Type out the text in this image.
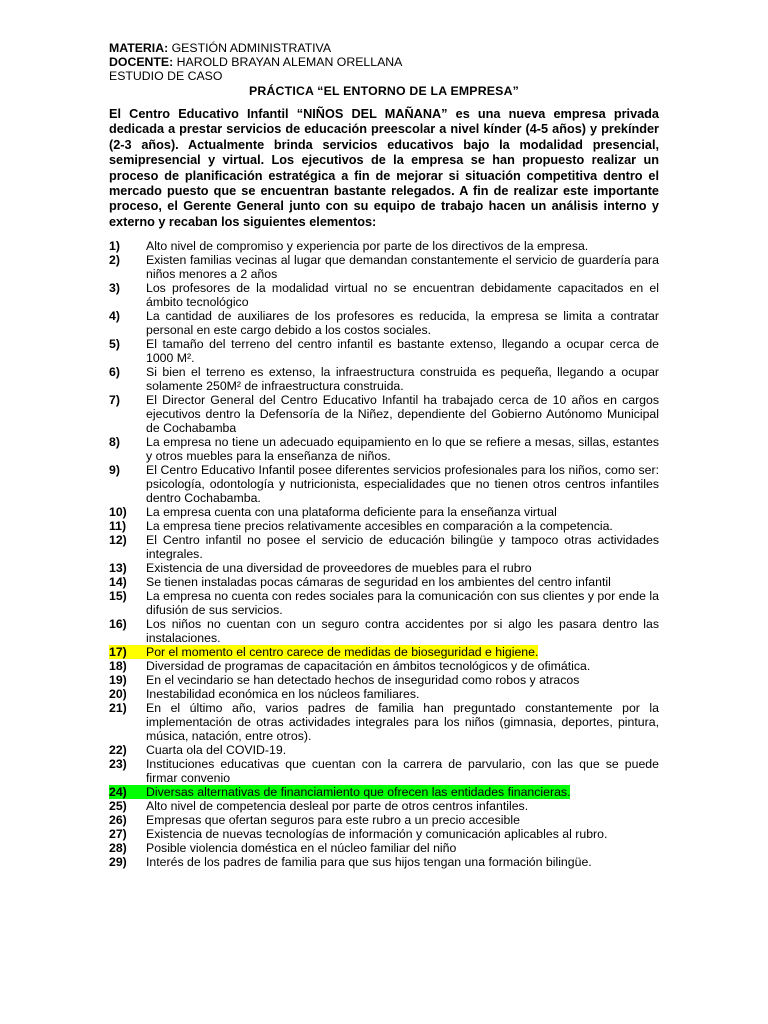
MATERIA: GESTIÓN ADMINISTRATIVA
DOCENTE: HAROLD BRAYAN ALEMAN ORELLANA
ESTUDIO DE CASO
PRÁCTICA “EL ENTORNO DE LA EMPRESA”
El Centro Educativo Infantil “NIÑOS DEL MAÑANA” es una nueva empresa privada dedicada a prestar servicios de educación preescolar a nivel kínder (4-5 años) y prekínder (2-3 años). Actualmente brinda servicios educativos bajo la modalidad presencial, semipresencial y virtual. Los ejecutivos de la empresa se han propuesto realizar un proceso de planificación estratégica a fin de mejorar si situación competitiva dentro el mercado puesto que se encuentran bastante relegados. A fin de realizar este importante proceso, el Gerente General junto con su equipo de trabajo hacen un análisis interno y externo y recaban los siguientes elementos:
1)	Alto nivel de compromiso y experiencia por parte de los directivos de la empresa.
2)	Existen familias vecinas al lugar que demandan constantemente el servicio de guardería para niños menores a 2 años
3)	Los profesores de la modalidad virtual no se encuentran debidamente capacitados en el ámbito tecnológico
4)	La cantidad de auxiliares de los profesores es reducida, la empresa se limita a contratar personal en este cargo debido a los costos sociales.
5)	El tamaño del terreno del centro infantil es bastante extenso, llegando a ocupar cerca de 1000 M².
6)	Si bien el terreno es extenso, la infraestructura construida es pequeña, llegando a ocupar solamente 250M² de infraestructura construida.
7)	El Director General del Centro Educativo Infantil ha trabajado cerca de 10 años en cargos ejecutivos dentro la Defensoría de la Niñez, dependiente del Gobierno Autónomo Municipal de Cochabamba
8)	La empresa no tiene un adecuado equipamiento en lo que se refiere a mesas, sillas, estantes y otros muebles para la enseñanza de niños.
9)	El Centro Educativo Infantil posee diferentes servicios profesionales para los niños, como ser: psicología, odontología y nutricionista, especialidades que no tienen otros centros infantiles dentro Cochabamba.
10)	La empresa cuenta con una plataforma deficiente para la enseñanza virtual
11)	La empresa tiene precios relativamente accesibles en comparación a la competencia.
12)	El Centro infantil no posee el servicio de educación bilingüe y tampoco otras actividades integrales.
13)	Existencia de una diversidad de proveedores de muebles para el rubro
14)	Se tienen instaladas pocas cámaras de seguridad en los ambientes del centro infantil
15)	La empresa no cuenta con redes sociales para la comunicación con sus clientes y por ende la difusión de sus servicios.
16)	Los niños no cuentan con un seguro contra accidentes por si algo les pasara dentro las instalaciones.
17)	Por el momento el centro carece de medidas de bioseguridad e higiene.
18)	Diversidad de programas de capacitación en ámbitos tecnológicos y de ofimática.
19)	En el vecindario se han detectado hechos de inseguridad como robos y atracos
20)	Inestabilidad económica en los núcleos familiares.
21)	En el último año, varios padres de familia han preguntado constantemente por la implementación de otras actividades integrales para los niños (gimnasia, deportes, pintura, música, natación, entre otros).
22)	Cuarta ola del COVID-19.
23)	Instituciones educativas que cuentan con la carrera de parvulario, con las que se puede firmar convenio
24)	Diversas alternativas de financiamiento que ofrecen las entidades financieras.
25)	Alto nivel de competencia desleal por parte de otros centros infantiles.
26)	Empresas que ofertan seguros para este rubro a un precio accesible
27)	Existencia de nuevas tecnologías de información y comunicación aplicables al rubro.
28)	Posible violencia doméstica en el núcleo familiar del niño
29)	Interés de los padres de familia para que sus hijos tengan una formación bilingüe.
